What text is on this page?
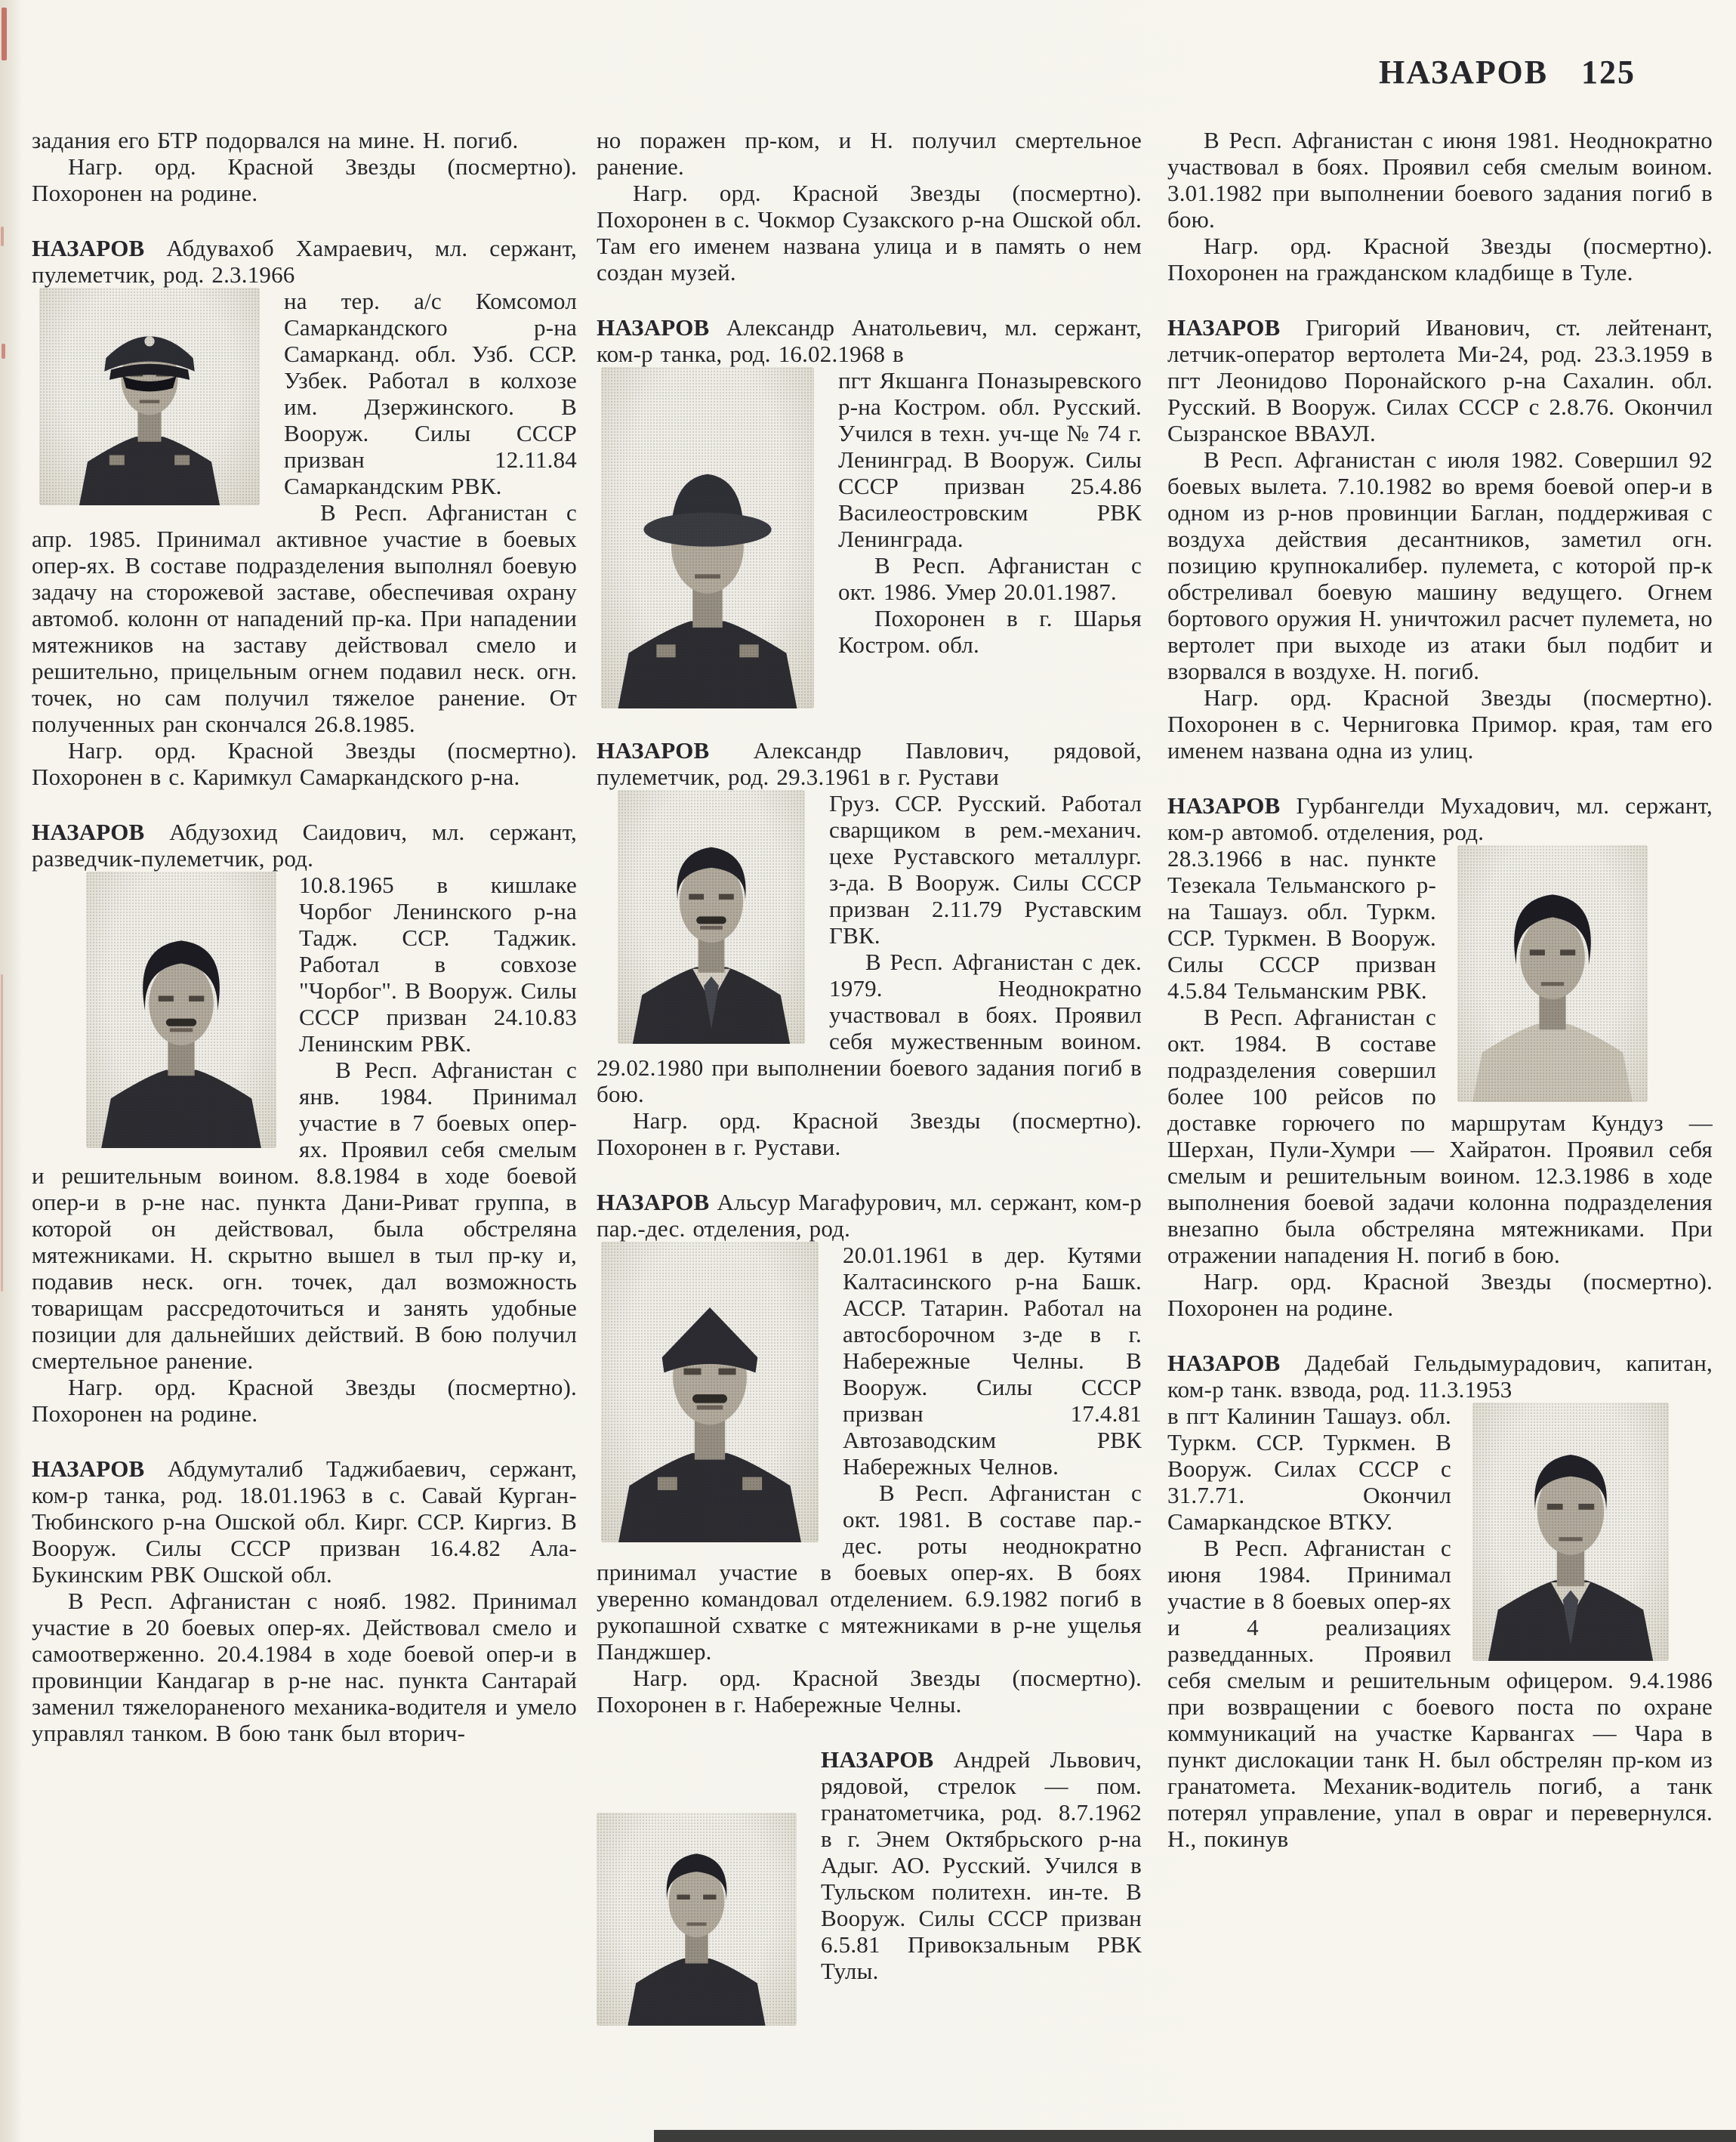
НАЗАРОВ 125

задания его БТР подорвался на мине. Н. погиб.

Нагр. орд. Красной Звезды (посмертно). Похоронен на родине.

НАЗАРОВ Абдувахоб Хамраевич, мл. сержант, пулеметчик, род. 2.3.1966

на тер. а/с Комсомол Самаркандского р-на Самарканд. обл. Узб. ССР. Узбек. Работал в колхозе им. Дзержинского. В Вооруж. Силы СССР призван 12.11.84 Самаркандским РВК.

В Респ. Афганистан с апр. 1985. Принимал активное участие в боевых опер-ях. В составе подразделения выполнял боевую задачу на сторожевой заставе, обеспечивая охрану автомоб. колонн от нападений пр-ка. При нападении мятежников на заставу действовал смело и решительно, прицельным огнем подавил неск. огн. точек, но сам получил тяжелое ранение. От полученных ран скончался 26.8.1985.

Нагр. орд. Красной Звезды (посмертно). Похоронен в с. Каримкул Самаркандского р-на.

НАЗАРОВ Абдузохид Саидович, мл. сержант, разведчик-пулеметчик, род.

10.8.1965 в кишлаке Чорбог Ленинского р-на Тадж. ССР. Таджик. Работал в совхозе "Чорбог". В Вооруж. Силы СССР призван 24.10.83 Ленинским РВК.

В Респ. Афганистан с янв. 1984. Принимал участие в 7 боевых опер-ях. Проявил себя смелым и решительным воином. 8.8.1984 в ходе боевой опер-и в р-не нас. пункта Дани-Риват группа, в которой он действовал, была обстреляна мятежниками. Н. скрытно вышел в тыл пр-ку и, подавив неск. огн. точек, дал возможность товарищам рассредоточиться и занять удобные позиции для дальнейших действий. В бою получил смертельное ранение.

Нагр. орд. Красной Звезды (посмертно). Похоронен на родине.

НАЗАРОВ Абдумуталиб Таджибаевич, сержант, ком-р танка, род. 18.01.1963 в с. Савай Курган-Тюбинского р-на Ошской обл. Кирг. ССР. Киргиз. В Вооруж. Силы СССР призван 16.4.82 Ала-Букинским РВК Ошской обл.

В Респ. Афганистан с нояб. 1982. Принимал участие в 20 боевых опер-ях. Действовал смело и самоотверженно. 20.4.1984 в ходе боевой опер-и в провинции Кандагар в р-не нас. пункта Сантарай заменил тяжелораненого механика-водителя и умело управлял танком. В бою танк был вторич-

но поражен пр-ком, и Н. получил смертельное ранение.

Нагр. орд. Красной Звезды (посмертно). Похоронен в с. Чокмор Сузакского р-на Ошской обл. Там его именем названа улица и в память о нем создан музей.

НАЗАРОВ Александр Анатольевич, мл. сержант, ком-р танка, род. 16.02.1968 в

пгт Якшанга Поназыревского р-на Костром. обл. Русский. Учился в техн. уч-ще № 74 г. Ленинград. В Вооруж. Силы СССР призван 25.4.86 Василеостровским РВК Ленинграда.

В Респ. Афганистан с окт. 1986. Умер 20.01.1987.

Похоронен в г. Шарья Костром. обл.

НАЗАРОВ Александр Павлович, рядовой, пулеметчик, род. 29.3.1961 в г. Рустави

Груз. ССР. Русский. Работал сварщиком в рем.-механич. цехе Руставского металлург. з-да. В Вооруж. Силы СССР призван 2.11.79 Руставским ГВК.

В Респ. Афганистан с дек. 1979. Неоднократно участвовал в боях. Проявил себя мужественным воином. 29.02.1980 при выполнении боевого задания погиб в бою.

Нагр. орд. Красной Звезды (посмертно). Похоронен в г. Рустави.

НАЗАРОВ Альсур Магафурович, мл. сержант, ком-р пар.-дес. отделения, род.

20.01.1961 в дер. Кутями Калтасинского р-на Башк. АССР. Татарин. Работал на автосборочном з-де в г. Набережные Челны. В Вооруж. Силы СССР призван 17.4.81 Автозаводским РВК Набережных Челнов.

В Респ. Афганистан с окт. 1981. В составе пар.-дес. роты неоднократно принимал участие в боевых опер-ях. В боях уверенно командовал отделением. 6.9.1982 погиб в рукопашной схватке с мятежниками в р-не ущелья Панджшер.

Нагр. орд. Красной Звезды (посмертно). Похоронен в г. Набережные Челны.

НАЗАРОВ Андрей Львович, рядовой, стрелок — пом. гранатометчика, род. 8.7.1962 в г. Энем Октябрьского р-на Адыг. АО. Русский. Учился в Тульском политехн. ин-те. В Вооруж. Силы СССР призван 6.5.81 Привокзальным РВК Тулы.

В Респ. Афганистан с июня 1981. Неоднократно участвовал в боях. Проявил себя смелым воином. 3.01.1982 при выполнении боевого задания погиб в бою.

Нагр. орд. Красной Звезды (посмертно). Похоронен на гражданском кладбище в Туле.

НАЗАРОВ Григорий Иванович, ст. лейтенант, летчик-оператор вертолета Ми-24, род. 23.3.1959 в пгт Леонидово Поронайского р-на Сахалин. обл. Русский. В Вооруж. Силах СССР с 2.8.76. Окончил Сызранское ВВАУЛ.

В Респ. Афганистан с июля 1982. Совершил 92 боевых вылета. 7.10.1982 во время боевой опер-и в одном из р-нов провинции Баглан, поддерживая с воздуха действия десантников, заметил огн. позицию крупнокалибер. пулемета, с которой пр-к обстреливал боевую машину ведущего. Огнем бортового оружия Н. уничтожил расчет пулемета, но вертолет при выходе из атаки был подбит и взорвался в воздухе. Н. погиб.

Нагр. орд. Красной Звезды (посмертно). Похоронен в с. Черниговка Примор. края, там его именем названа одна из улиц.

НАЗАРОВ Гурбангелди Мухадович, мл. сержант, ком-р автомоб. отделения, род.

28.3.1966 в нас. пункте Тезекала Тельманского р-на Ташауз. обл. Туркм. ССР. Туркмен. В Вооруж. Силы СССР призван 4.5.84 Тельманским РВК.

В Респ. Афганистан с окт. 1984. В составе подразделения совершил более 100 рейсов по доставке горючего по маршрутам Кундуз — Шерхан, Пули-Хумри — Хайратон. Проявил себя смелым и решительным воином. 12.3.1986 в ходе выполнения боевой задачи колонна подразделения внезапно была обстреляна мятежниками. При отражении нападения Н. погиб в бою.

Нагр. орд. Красной Звезды (посмертно). Похоронен на родине.

НАЗАРОВ Дадебай Гельдымурадович, капитан, ком-р танк. взвода, род. 11.3.1953

в пгт Калинин Ташауз. обл. Туркм. ССР. Туркмен. В Вооруж. Силах СССР с 31.7.71. Окончил Самаркандское ВТКУ.

В Респ. Афганистан с июня 1984. Принимал участие в 8 боевых опер-ях и 4 реализациях разведданных. Проявил себя смелым и решительным офицером. 9.4.1986 при возвращении с боевого поста по охране коммуникаций на участке Карвангах — Чара в пункт дислокации танк Н. был обстрелян пр-ком из гранатомета. Механик-водитель погиб, а танк потерял управление, упал в овраг и перевернулся. Н., покинув
